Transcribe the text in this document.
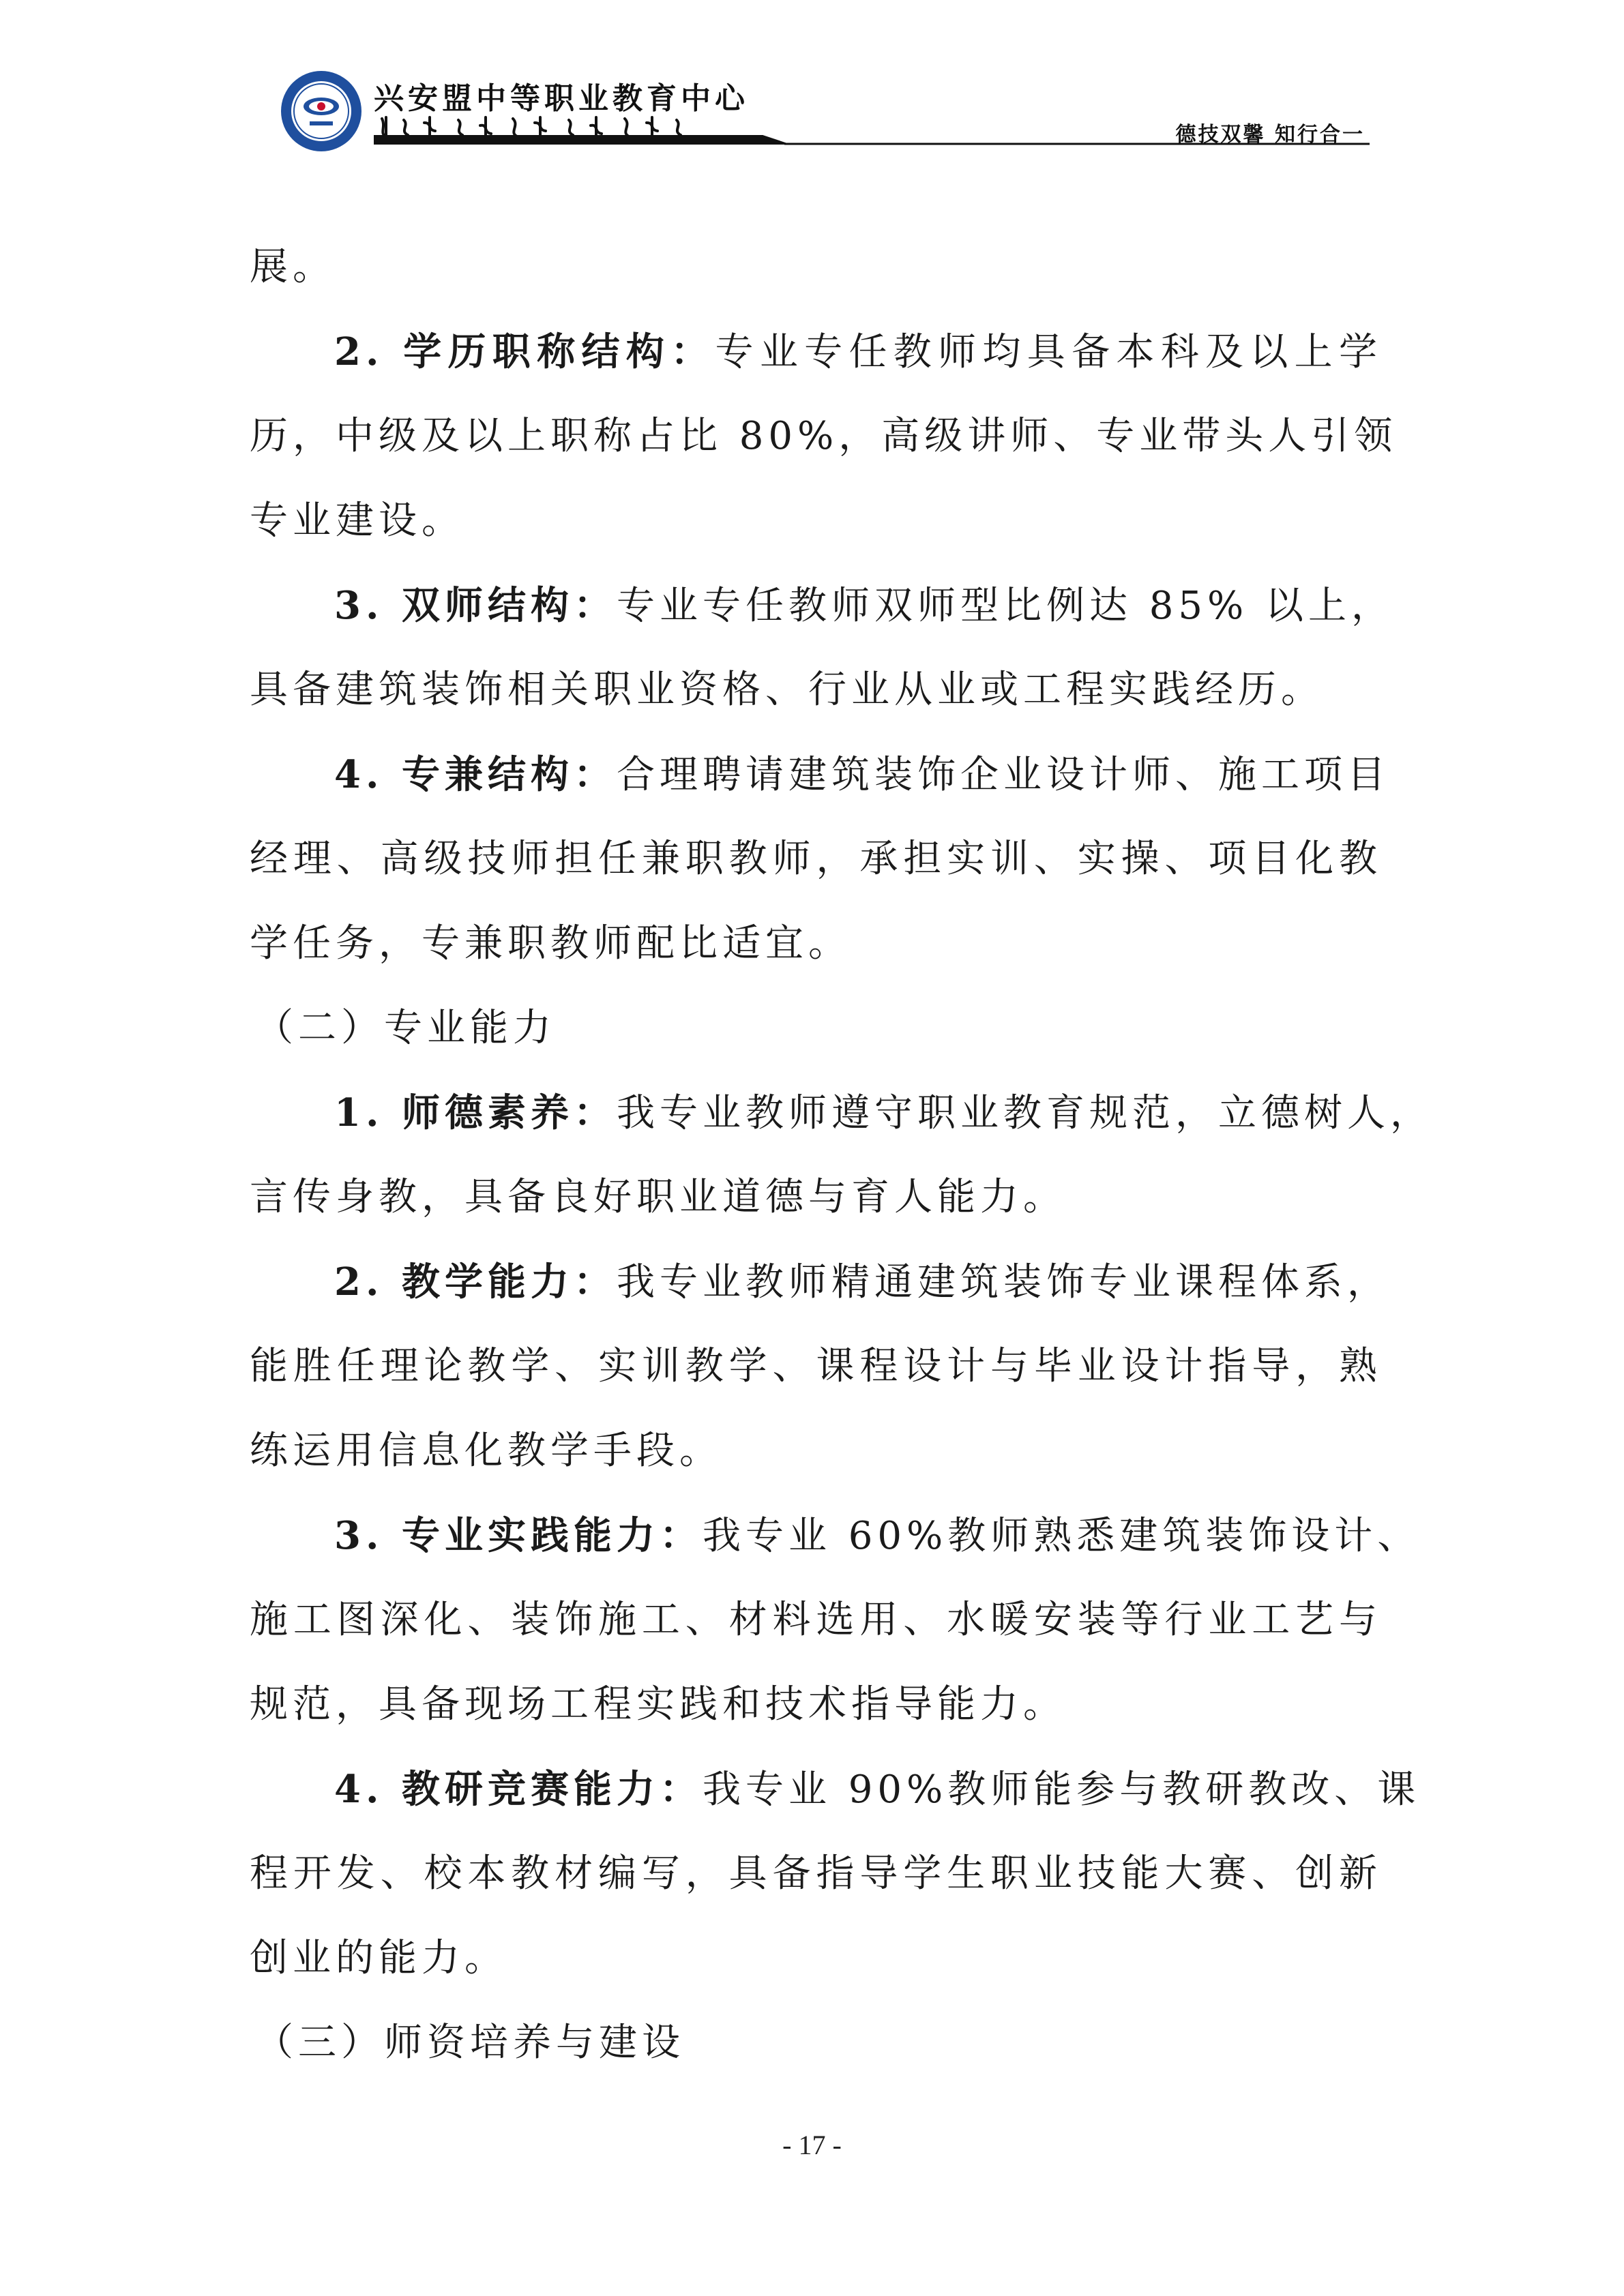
兴安盟中等职业教育中心
德技双馨 知行合一
展。
2. 学历职称结构：专业专任教师均具备本科及以上学
历，中级及以上职称占比 80%，高级讲师、专业带头人引领
专业建设。
3. 双师结构：专业专任教师双师型比例达 85% 以上，
具备建筑装饰相关职业资格、行业从业或工程实践经历。
4. 专兼结构：合理聘请建筑装饰企业设计师、施工项目
经理、高级技师担任兼职教师，承担实训、实操、项目化教
学任务，专兼职教师配比适宜。
（二）专业能力
1. 师德素养：我专业教师遵守职业教育规范，立德树人，
言传身教，具备良好职业道德与育人能力。
2. 教学能力：我专业教师精通建筑装饰专业课程体系，
能胜任理论教学、实训教学、课程设计与毕业设计指导，熟
练运用信息化教学手段。
3. 专业实践能力：我专业 60%教师熟悉建筑装饰设计、
施工图深化、装饰施工、材料选用、水暖安装等行业工艺与
规范，具备现场工程实践和技术指导能力。
4. 教研竞赛能力：我专业 90%教师能参与教研教改、课
程开发、校本教材编写，具备指导学生职业技能大赛、创新
创业的能力。
（三）师资培养与建设
- 17 -
